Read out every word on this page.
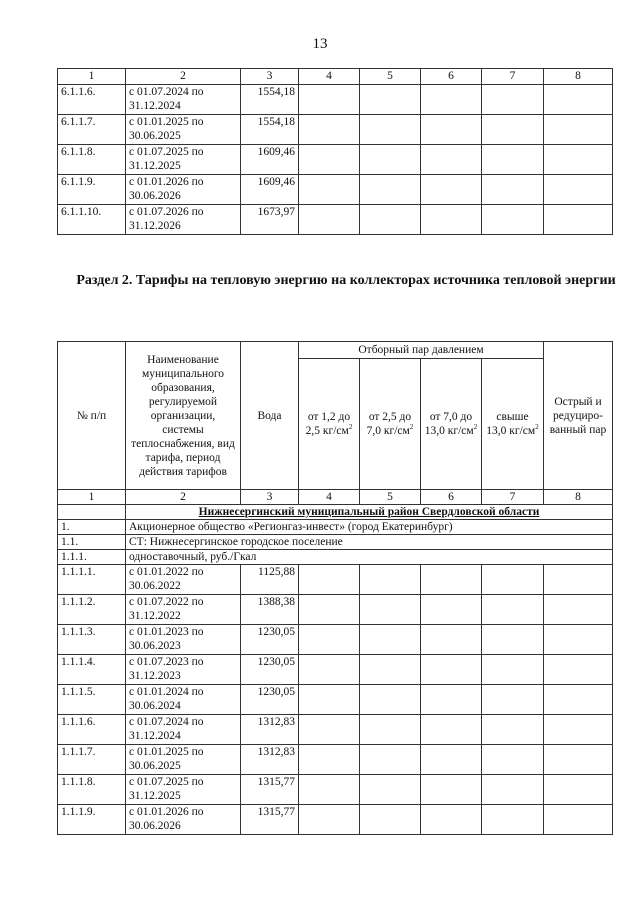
13
1	2	3	4	5	6	7	8
6.1.1.6.	с 01.07.2024 по 31.12.2024	1554,18					
6.1.1.7.	с 01.01.2025 по 30.06.2025	1554,18					
6.1.1.8.	с 01.07.2025 по 31.12.2025	1609,46					
6.1.1.9.	с 01.01.2026 по 30.06.2026	1609,46					
6.1.1.10.	с 01.07.2026 по 31.12.2026	1673,97					
Раздел 2. Тарифы на тепловую энергию на коллекторах источника тепловой энергии
№ п/п	Наименование муниципального образования, регулируемой организации, системы теплоснабжения, вид тарифа, период действия тарифов	Вода	Отборный пар давлением				Острый и редуциро-ванный пар
			от 1,2 до 2,5 $кг/см^2$	от 2,5 до 7,0 $кг/см^2$	от 7,0 до 13,0 $кг/см^2$	свыше 13,0 $кг/см^2$
1	2	3	4	5	6	7	8
	Нижнесергинский муниципальный район Свердловской области						
1.	Акционерное общество «Регионгаз-инвест» (город Екатеринбург)						
1.1.	СТ: Нижнесергинское городское поселение						
1.1.1.	одноставочный, руб./Гкал						
1.1.1.1.	с 01.01.2022 по 30.06.2022	1125,88					
1.1.1.2.	с 01.07.2022 по 31.12.2022	1388,38					
1.1.1.3.	с 01.01.2023 по 30.06.2023	1230,05					
1.1.1.4.	с 01.07.2023 по 31.12.2023	1230,05					
1.1.1.5.	с 01.01.2024 по 30.06.2024	1230,05					
1.1.1.6.	с 01.07.2024 по 31.12.2024	1312,83					
1.1.1.7.	с 01.01.2025 по 30.06.2025	1312,83					
1.1.1.8.	с 01.07.2025 по 31.12.2025	1315,77					
1.1.1.9.	с 01.01.2026 по 30.06.2026	1315,77					
